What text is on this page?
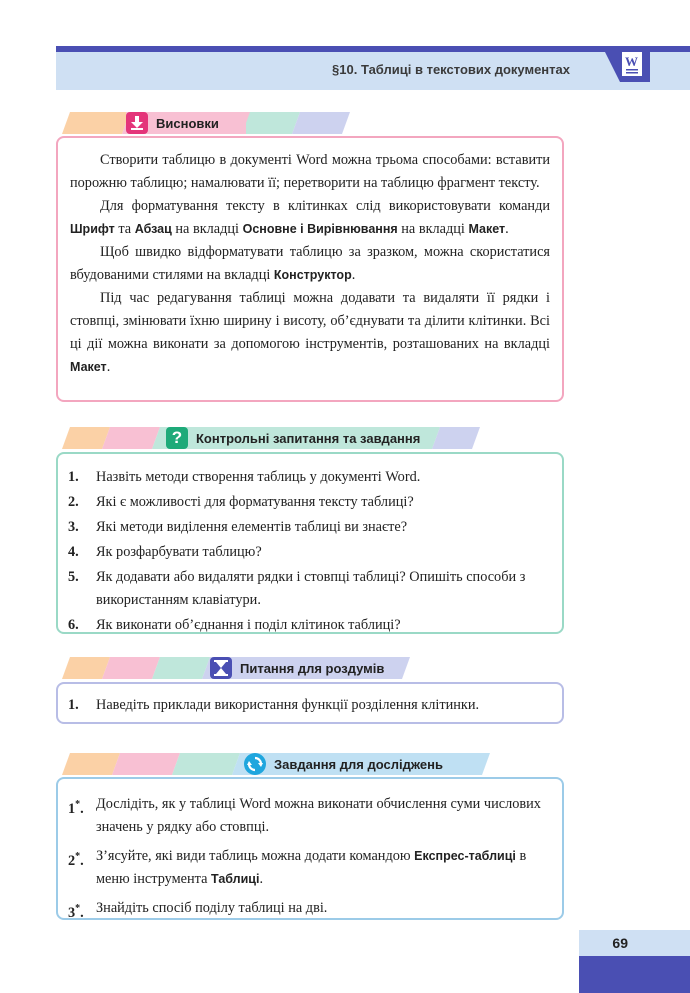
§10. Таблиці в текстових документах
W
Висновки

Створити таблицю в документі Word можна трьома способами: вставити порожню таблицю; намалювати її; перетворити на таблицю фрагмент тексту.

Для форматування тексту в клітинках слід використовувати команди Шрифт та Абзац на вкладці Основне і Вирівнювання на вкладці Макет.

Щоб швидко відформатувати таблицю за зразком, можна скористатися вбудованими стилями на вкладці Конструктор.

Під час редагування таблиці можна додавати та видаляти її рядки і стовпці, змінювати їхню ширину і висоту, об’єднувати та ділити клітинки. Всі ці дії можна виконати за допомогою інструментів, розташованих на вкладці Макет.

?	Контрольні запитання та завдання
1. Назвіть методи створення таблиць у документі Word.
2. Які є можливості для форматування тексту таблиці?
3. Які методи виділення елементів таблиці ви знаєте?
4. Як розфарбувати таблицю?
5. Як додавати або видаляти рядки і стовпці таблиці? Опишіть способи з використанням клавіатури.
6. Як виконати об’єднання і поділ клітинок таблиці?
Питання для роздумів
1. Наведіть приклади використання функції розділення клітинки.
Завдання для досліджень
1*. Дослідіть, як у таблиці Word можна виконати обчислення суми числових значень у рядку або стовпці.
2*. З’ясуйте, які види таблиць можна додати командою Експрес-таблиці в меню інструмента Таблиці.
3*. Знайдіть спосіб поділу таблиці на дві.
69
